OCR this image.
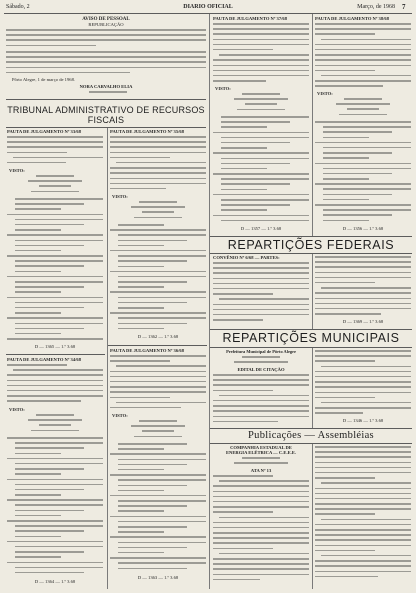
Sábado, 2	DIARIO OFICIAL	Março, de 1968 7
AVISO DE PESSOAL
REPUBLICAÇÃO
Pôrto Alegre, 1 de março de 1968.
NORA CARVALHO ELIA
TRIBUNAL ADMINISTRATIVO DE RECURSOS
FISCAIS
PAUTA DE JULGAMENTO Nº 33/68
VISTO:
D — 1365 — 1.º 3.68
PAUTA DE JULGAMENTO Nº 34/68
VISTO:
D — 1364 — 1.º 3.68
PAUTA DE JULGAMENTO Nº 35/68
VISTO:
D — 1362 — 1.º 3.68
PAUTA DE JULGAMENTO Nº 36/68
VISTO:
D — 1363 — 1.º 3.68
PAUTA DE JULGAMENTO Nº 37/68
VISTO:
D — 1357 — 1.º 3.68
PAUTA DE JULGAMENTO Nº 38/68
VISTO:
D — 1356 — 1.º 3.68
REPARTIÇÕES FEDERAIS
CONVÊNIO Nº 6/68 — PARTES:
D — 1369 — 1.º 3.68
REPARTIÇÕES MUNICIPAIS
Prefeitura Municipal de Pôrto Alegre
EDITAL DE CITAÇÃO
D — 1346 — 1.º 3.68
Publicações — Assembléias
COMPANHIA ESTADUAL DE
ENERGIA ELÉTRICA — C.E.E.E.
ATA Nº 13
